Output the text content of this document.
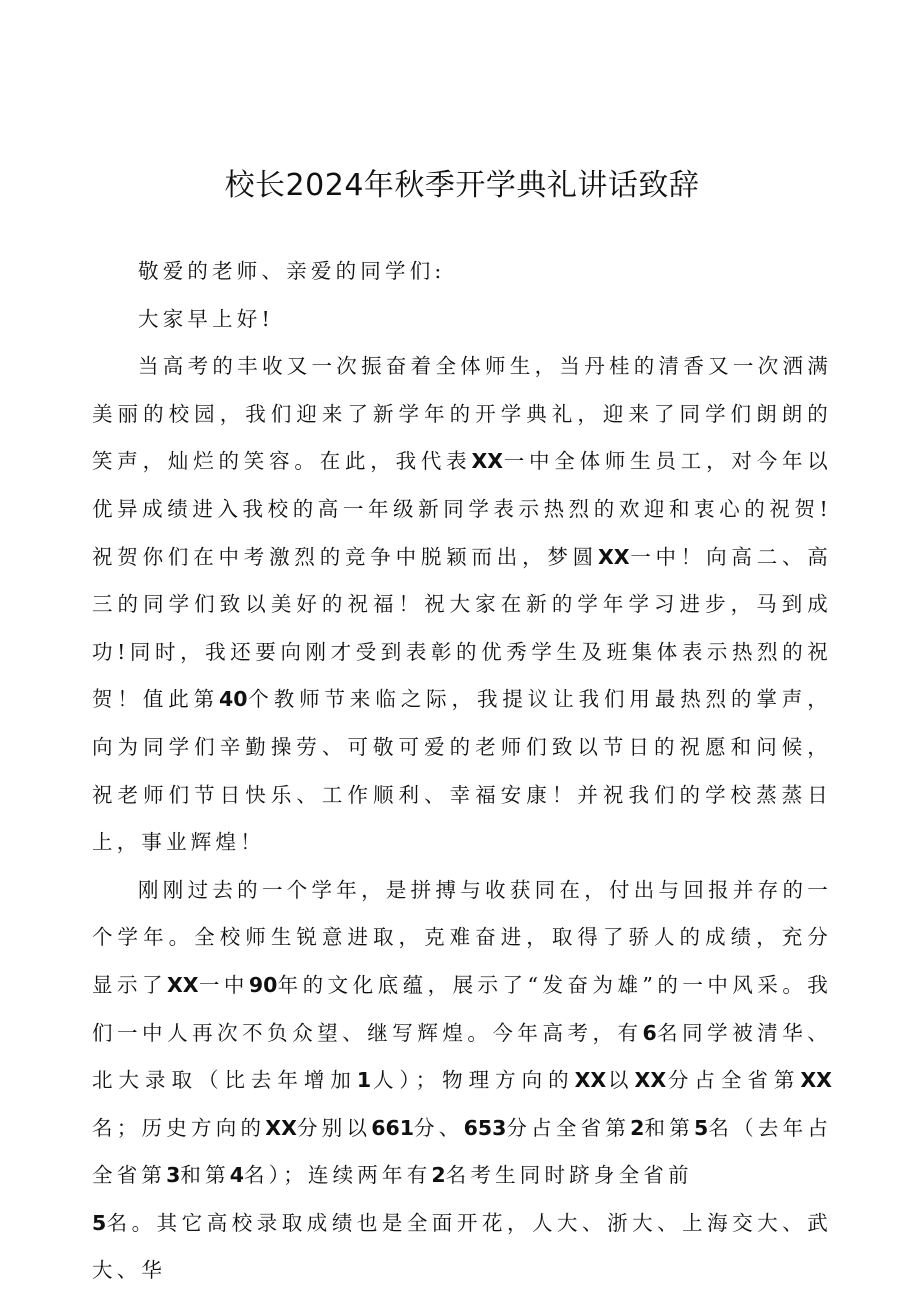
校长2024年秋季开学典礼讲话致辞

敬爱的老师、亲爱的同学们:

大家早上好!

当高考的丰收又一次振奋着全体师生，当丹桂的清香又一次洒满美丽的校园，我们迎来了新学年的开学典礼，迎来了同学们朗朗的笑声，灿烂的笑容。在此，我代表XX一中全体师生员工，对今年以优异成绩进入我校的高一年级新同学表示热烈的欢迎和衷心的祝贺!祝贺你们在中考激烈的竞争中脱颖而出，梦圆XX一中！向高二、高三的同学们致以美好的祝福！祝大家在新的学年学习进步，马到成功!同时，我还要向刚才受到表彰的优秀学生及班集体表示热烈的祝贺！值此第40个教师节来临之际，我提议让我们用最热烈的掌声，向为同学们辛勤操劳、可敬可爱的老师们致以节日的祝愿和问候，祝老师们节日快乐、工作顺利、幸福安康！并祝我们的学校蒸蒸日上，事业辉煌！

刚刚过去的一个学年，是拼搏与收获同在，付出与回报并存的一个学年。全校师生锐意进取，克难奋进，取得了骄人的成绩，充分显示了XX一中90年的文化底蕴，展示了“发奋为雄”的一中风采。我们一中人再次不负众望、继写辉煌。今年高考，有6名同学被清华、北大录取（比去年增加1人）；物理方向的XX以XX分占全省第XX名；历史方向的XX分别以661分、653分占全省第2和第5名（去年占全省第3和第4名）；连续两年有2名考生同时跻身全省前

5名。其它高校录取成绩也是全面开花，人大、浙大、上海交大、武大、华
